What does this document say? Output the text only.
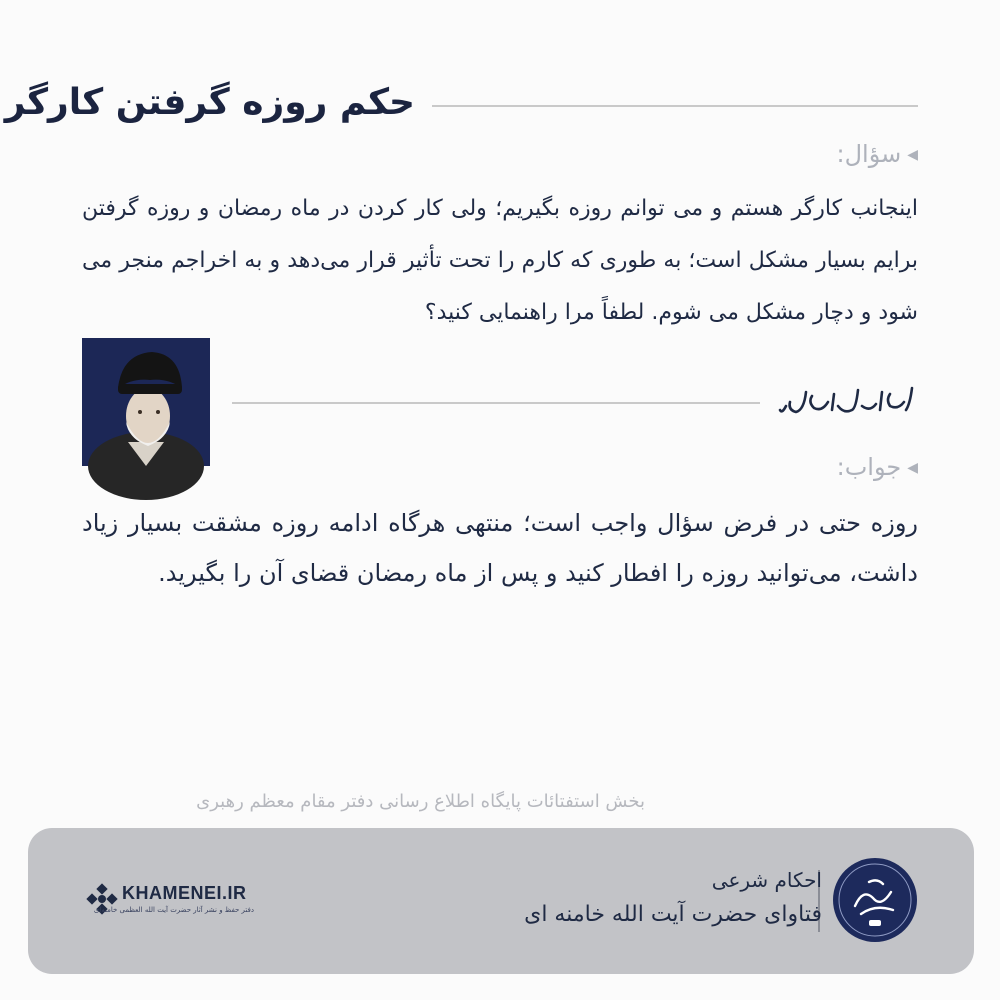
حکم روزه گرفتن کارگر
◀سؤال:
اینجانب کارگر هستم و می توانم روزه بگیریم؛ ولی کار کردن در ماه رمضان و روزه گرفتن برایم بسیار مشکل است؛ به طوری که کارم را تحت تأثیر قرار می‌دهد و به اخراجم منجر می شود و دچار مشکل می شوم. لطفاً مرا راهنمایی کنید؟
◀جواب:
روزه حتی در فرض سؤال واجب است؛ منتهی هرگاه ادامه روزه مشقت بسیار زیاد داشت، می‌توانید روزه را افطار کنید و پس از ماه رمضان قضای آن را بگیرید.
بخش استفتائات پایگاه اطلاع رسانی دفتر مقام معظم رهبری
احکام شرعی
فتاوای حضرت آیت الله خامنه ای
KHAMENEI.IR
دفتر حفظ و نشر آثار حضرت آیت الله العظمی خامنه‌ای
